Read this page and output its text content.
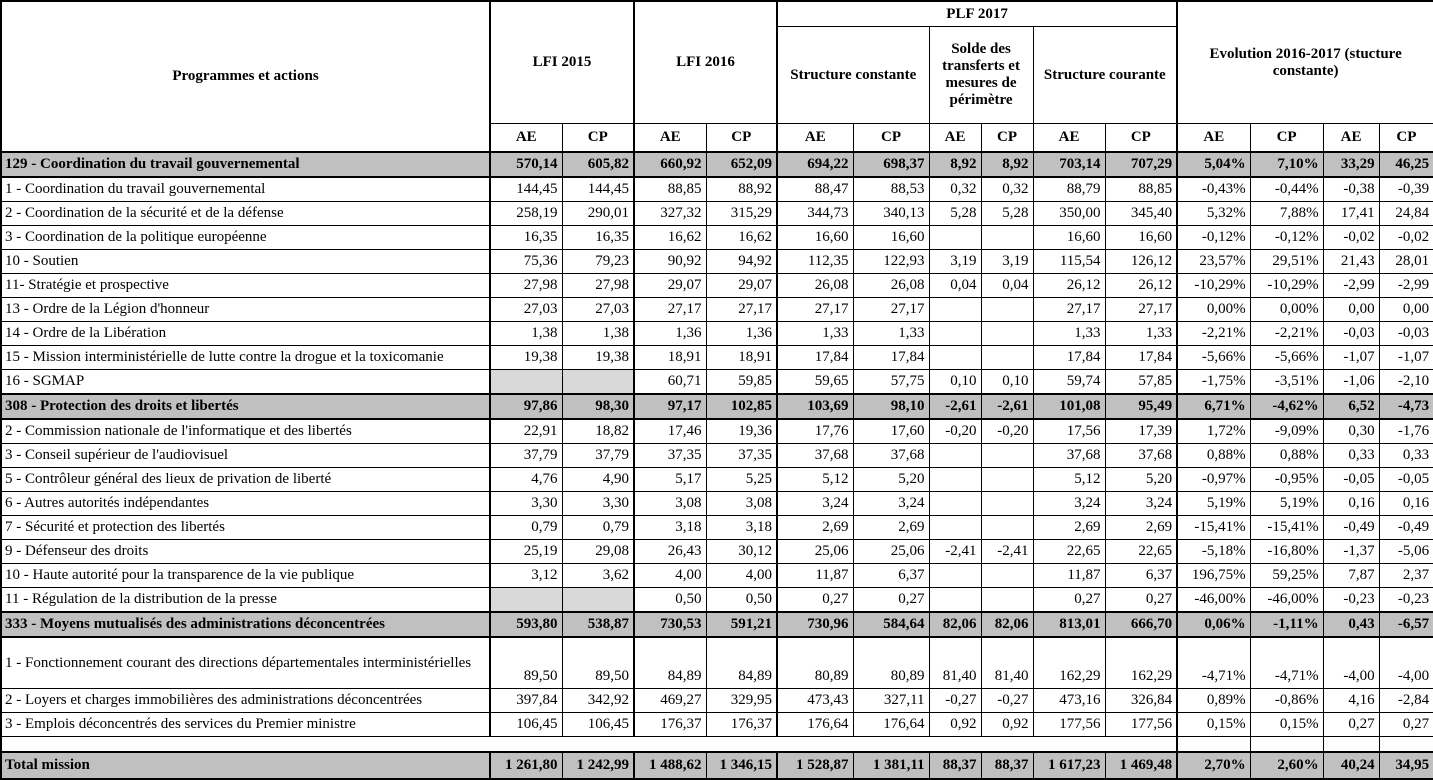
Programmes et actions	LFI 2015		LFI 2016		PLF 2017						Evolution 2016-2017 (stucture constante)			
					Structure constante		Solde des transferts et mesures de périmètre		Structure courante					
	AE	CP	AE	CP	AE	CP	AE	CP	AE	CP	AE	CP	AE	CP
129 - Coordination du travail gouvernemental	570,14	605,82	660,92	652,09	694,22	698,37	8,92	8,92	703,14	707,29	5,04%	7,10%	33,29	46,25
1 - Coordination du travail gouvernemental	144,45	144,45	88,85	88,92	88,47	88,53	0,32	0,32	88,79	88,85	-0,43%	-0,44%	-0,38	-0,39
2 - Coordination de la sécurité et de la défense	258,19	290,01	327,32	315,29	344,73	340,13	5,28	5,28	350,00	345,40	5,32%	7,88%	17,41	24,84
3 - Coordination de la politique européenne	16,35	16,35	16,62	16,62	16,60	16,60			16,60	16,60	-0,12%	-0,12%	-0,02	-0,02
10 - Soutien	75,36	79,23	90,92	94,92	112,35	122,93	3,19	3,19	115,54	126,12	23,57%	29,51%	21,43	28,01
11- Stratégie et prospective	27,98	27,98	29,07	29,07	26,08	26,08	0,04	0,04	26,12	26,12	-10,29%	-10,29%	-2,99	-2,99
13 - Ordre de la Légion d'honneur	27,03	27,03	27,17	27,17	27,17	27,17			27,17	27,17	0,00%	0,00%	0,00	0,00
14 - Ordre de la Libération	1,38	1,38	1,36	1,36	1,33	1,33			1,33	1,33	-2,21%	-2,21%	-0,03	-0,03
15 - Mission interministérielle de lutte contre la drogue et la toxicomanie	19,38	19,38	18,91	18,91	17,84	17,84			17,84	17,84	-5,66%	-5,66%	-1,07	-1,07
16 - SGMAP			60,71	59,85	59,65	57,75	0,10	0,10	59,74	57,85	-1,75%	-3,51%	-1,06	-2,10
308 - Protection des droits et libertés	97,86	98,30	97,17	102,85	103,69	98,10	-2,61	-2,61	101,08	95,49	6,71%	-4,62%	6,52	-4,73
2 - Commission nationale de l'informatique et des libertés	22,91	18,82	17,46	19,36	17,76	17,60	-0,20	-0,20	17,56	17,39	1,72%	-9,09%	0,30	-1,76
3 - Conseil supérieur de l'audiovisuel	37,79	37,79	37,35	37,35	37,68	37,68			37,68	37,68	0,88%	0,88%	0,33	0,33
5 - Contrôleur général des lieux de privation de liberté	4,76	4,90	5,17	5,25	5,12	5,20			5,12	5,20	-0,97%	-0,95%	-0,05	-0,05
6 - Autres autorités indépendantes	3,30	3,30	3,08	3,08	3,24	3,24			3,24	3,24	5,19%	5,19%	0,16	0,16
7 - Sécurité et protection des libertés	0,79	0,79	3,18	3,18	2,69	2,69			2,69	2,69	-15,41%	-15,41%	-0,49	-0,49
9 - Défenseur des droits	25,19	29,08	26,43	30,12	25,06	25,06	-2,41	-2,41	22,65	22,65	-5,18%	-16,80%	-1,37	-5,06
10 - Haute autorité pour la transparence de la vie publique	3,12	3,62	4,00	4,00	11,87	6,37			11,87	6,37	196,75%	59,25%	7,87	2,37
11 - Régulation de la distribution de la presse			0,50	0,50	0,27	0,27			0,27	0,27	-46,00%	-46,00%	-0,23	-0,23
333 - Moyens mutualisés des administrations déconcentrées	593,80	538,87	730,53	591,21	730,96	584,64	82,06	82,06	813,01	666,70	0,06%	-1,11%	0,43	-6,57
1 - Fonctionnement courant des directions départementales interministérielles	89,50	89,50	84,89	84,89	80,89	80,89	81,40	81,40	162,29	162,29	-4,71%	-4,71%	-4,00	-4,00
2 - Loyers et charges immobilières des administrations déconcentrées	397,84	342,92	469,27	329,95	473,43	327,11	-0,27	-0,27	473,16	326,84	0,89%	-0,86%	4,16	-2,84
3 - Emplois déconcentrés des services du Premier ministre	106,45	106,45	176,37	176,37	176,64	176,64	0,92	0,92	177,56	177,56	0,15%	0,15%	0,27	0,27

Total mission	1 261,80	1 242,99	1 488,62	1 346,15	1 528,87	1 381,11	88,37	88,37	1 617,23	1 469,48	2,70%	2,60%	40,24	34,95
